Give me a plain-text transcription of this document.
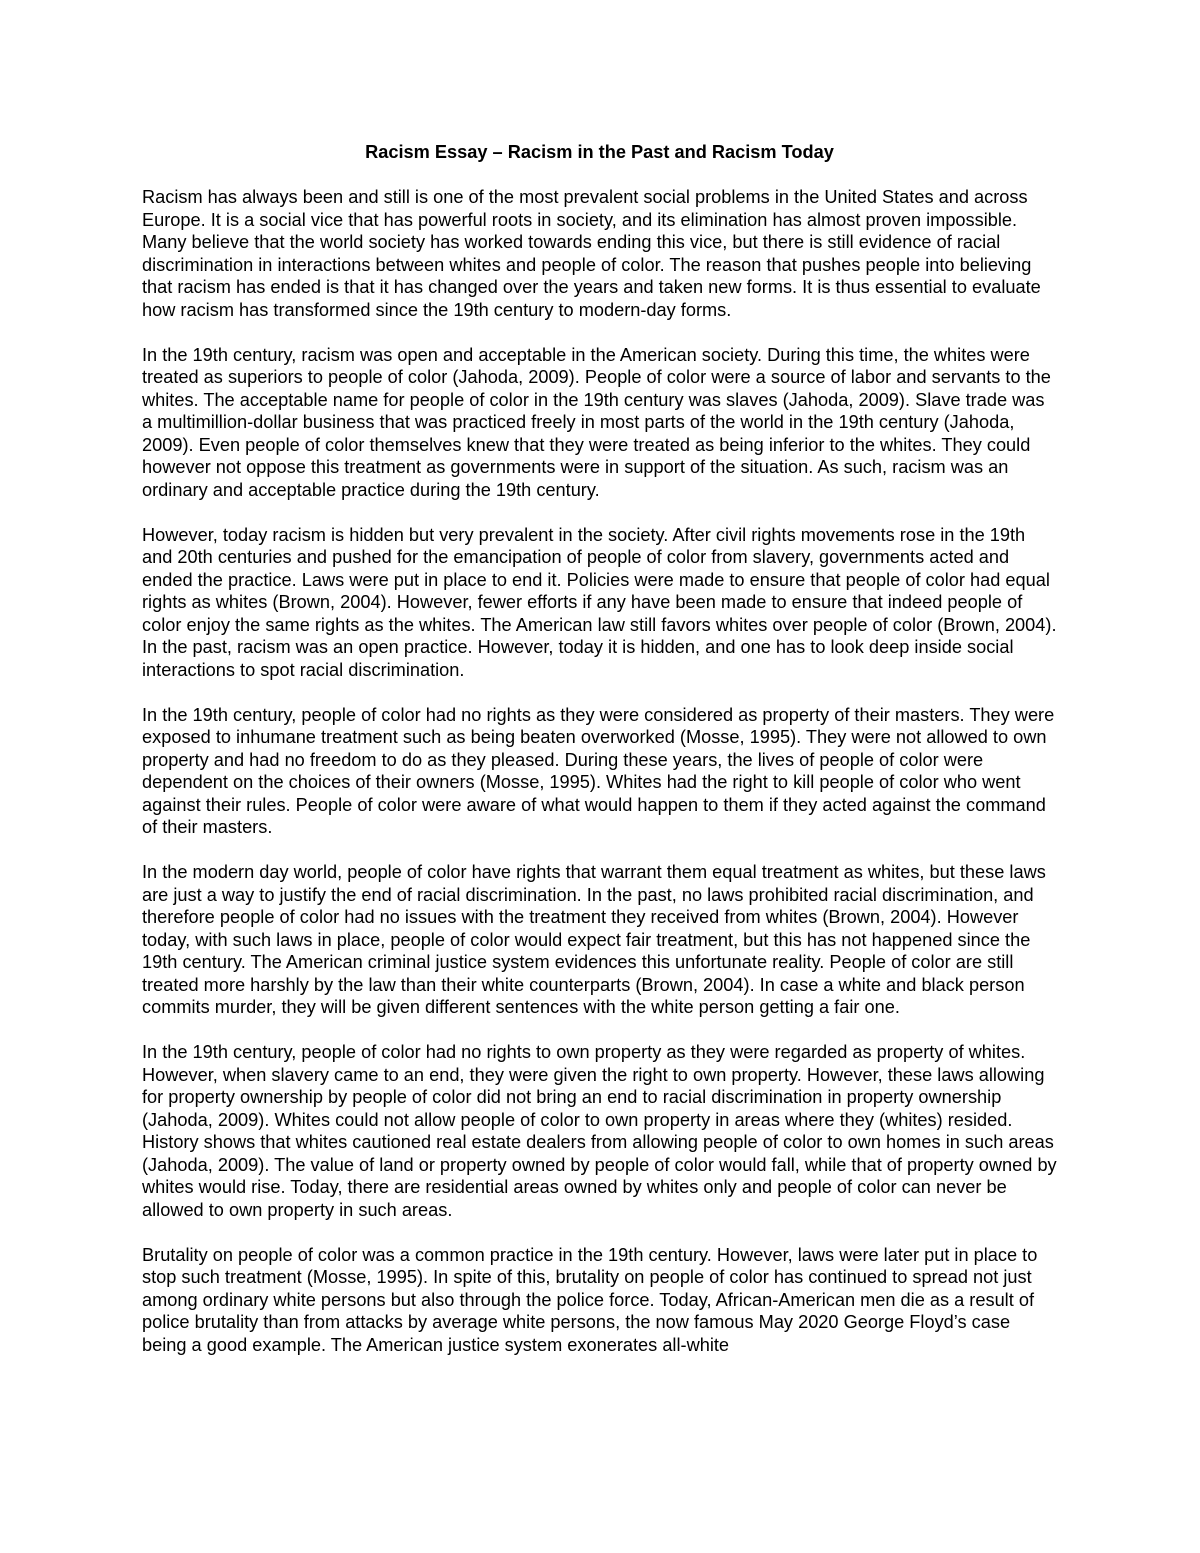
Racism Essay – Racism in the Past and Racism Today

Racism has always been and still is one of the most prevalent social problems in the United States and across Europe. It is a social vice that has powerful roots in society, and its elimination has almost proven impossible. Many believe that the world society has worked towards ending this vice, but there is still evidence of racial discrimination in interactions between whites and people of color. The reason that pushes people into believing that racism has ended is that it has changed over the years and taken new forms. It is thus essential to evaluate how racism has transformed since the 19th century to modern-day forms.

In the 19th century, racism was open and acceptable in the American society. During this time, the whites were treated as superiors to people of color (Jahoda, 2009). People of color were a source of labor and servants to the whites. The acceptable name for people of color in the 19th century was slaves (Jahoda, 2009). Slave trade was a multimillion-dollar business that was practiced freely in most parts of the world in the 19th century (Jahoda, 2009). Even people of color themselves knew that they were treated as being inferior to the whites. They could however not oppose this treatment as governments were in support of the situation. As such, racism was an ordinary and acceptable practice during the 19th century.

However, today racism is hidden but very prevalent in the society. After civil rights movements rose in the 19th and 20th centuries and pushed for the emancipation of people of color from slavery, governments acted and ended the practice. Laws were put in place to end it. Policies were made to ensure that people of color had equal rights as whites (Brown, 2004). However, fewer efforts if any have been made to ensure that indeed people of color enjoy the same rights as the whites. The American law still favors whites over people of color (Brown, 2004). In the past, racism was an open practice. However, today it is hidden, and one has to look deep inside social interactions to spot racial discrimination.

In the 19th century, people of color had no rights as they were considered as property of their masters. They were exposed to inhumane treatment such as being beaten overworked (Mosse, 1995). They were not allowed to own property and had no freedom to do as they pleased. During these years, the lives of people of color were dependent on the choices of their owners (Mosse, 1995). Whites had the right to kill people of color who went against their rules. People of color were aware of what would happen to them if they acted against the command of their masters.

In the modern day world, people of color have rights that warrant them equal treatment as whites, but these laws are just a way to justify the end of racial discrimination. In the past, no laws prohibited racial discrimination, and therefore people of color had no issues with the treatment they received from whites (Brown, 2004). However today, with such laws in place, people of color would expect fair treatment, but this has not happened since the 19th century. The American criminal justice system evidences this unfortunate reality. People of color are still treated more harshly by the law than their white counterparts (Brown, 2004). In case a white and black person commits murder, they will be given different sentences with the white person getting a fair one.

In the 19th century, people of color had no rights to own property as they were regarded as property of whites. However, when slavery came to an end, they were given the right to own property. However, these laws allowing for property ownership by people of color did not bring an end to racial discrimination in property ownership (Jahoda, 2009). Whites could not allow people of color to own property in areas where they (whites) resided. History shows that whites cautioned real estate dealers from allowing people of color to own homes in such areas (Jahoda, 2009). The value of land or property owned by people of color would fall, while that of property owned by whites would rise. Today, there are residential areas owned by whites only and people of color can never be allowed to own property in such areas.

Brutality on people of color was a common practice in the 19th century. However, laws were later put in place to stop such treatment (Mosse, 1995). In spite of this, brutality on people of color has continued to spread not just among ordinary white persons but also through the police force. Today, African-American men die as a result of police brutality than from attacks by average white persons, the now famous May 2020 George Floyd’s case being a good example. The American justice system exonerates all-white
